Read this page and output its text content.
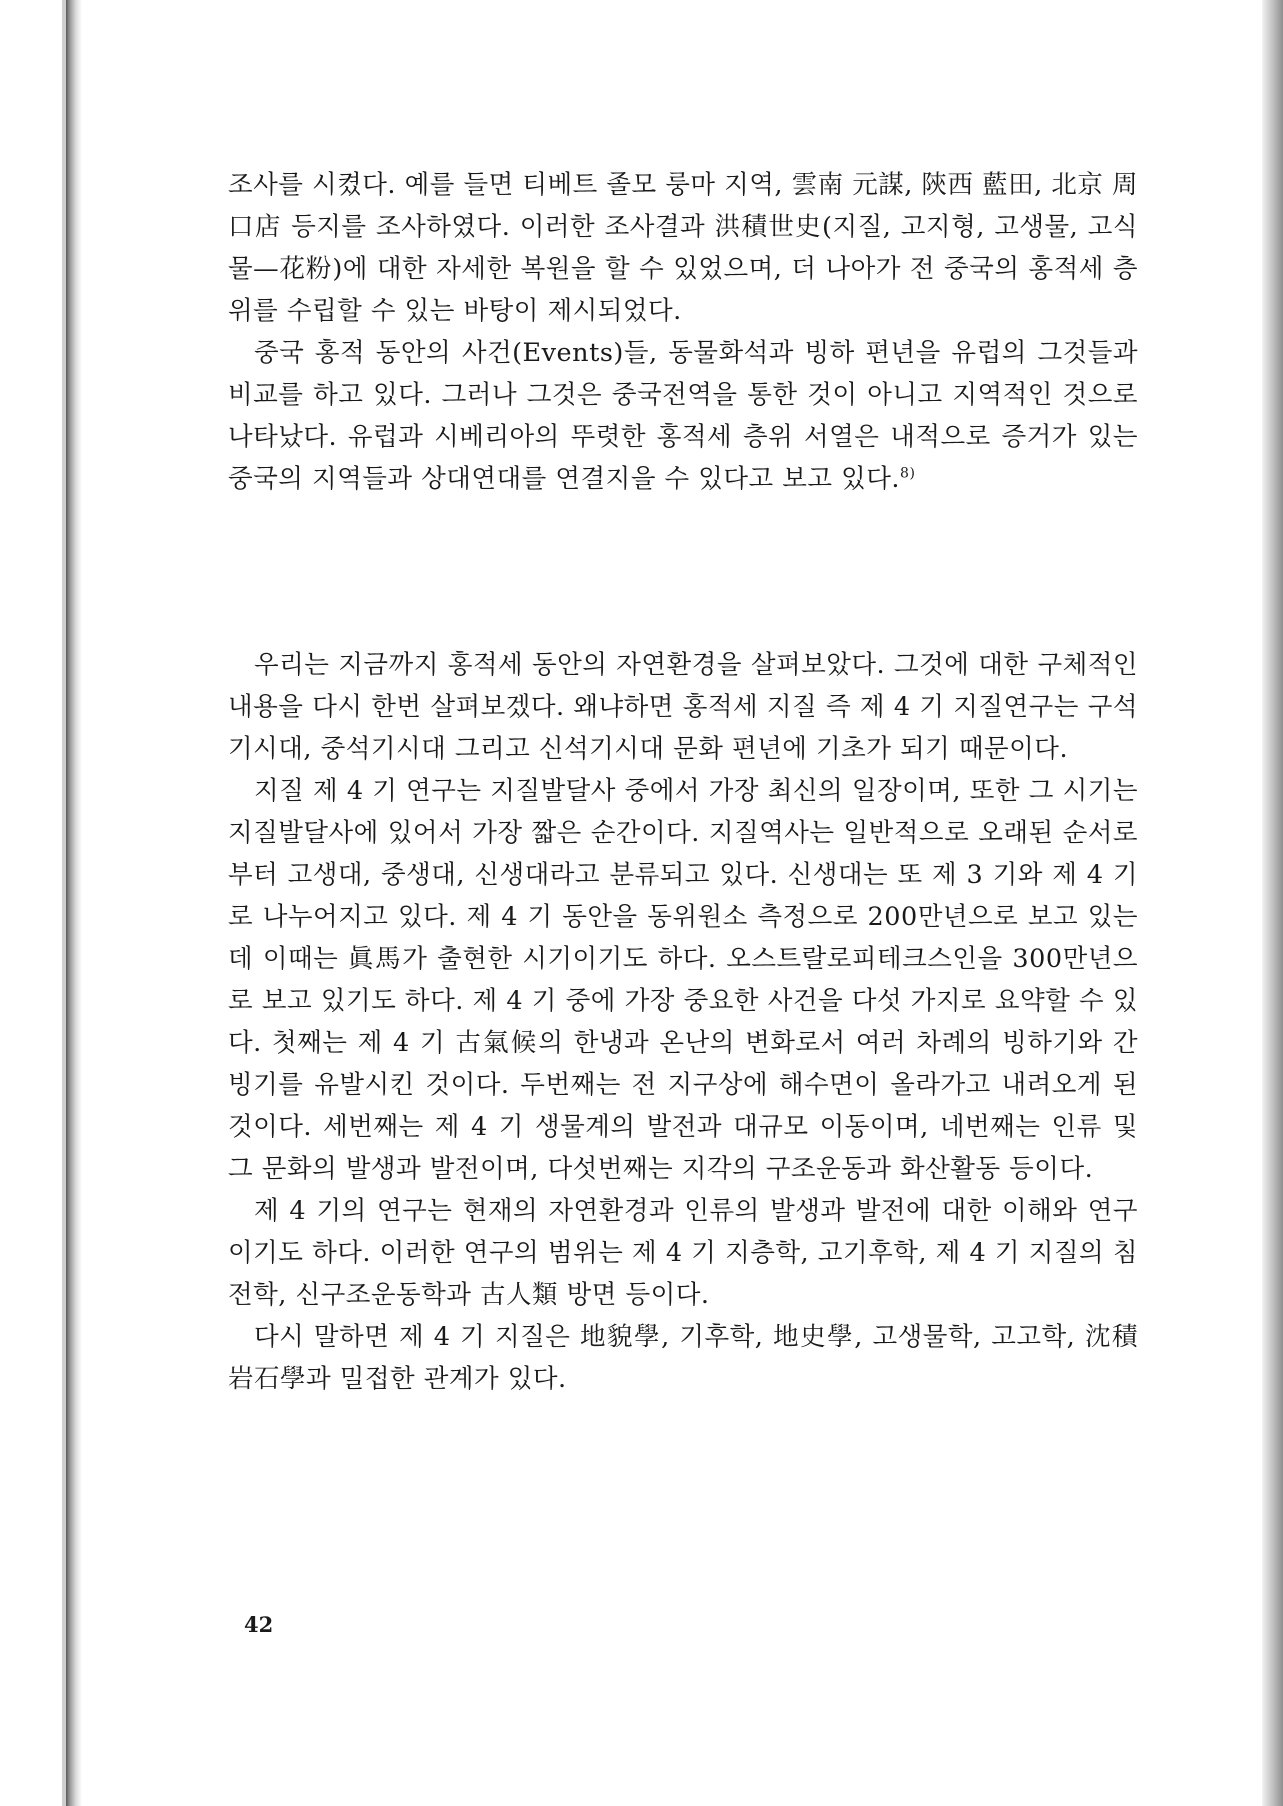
조사를 시켰다. 예를 들면 티베트 졸모 룽마 지역, 雲南 元謀, 陝西 藍田, 北京 周口店 등지를 조사하였다. 이러한 조사결과 洪積世史(지질, 고지형, 고생물, 고식물—花粉)에 대한 자세한 복원을 할 수 있었으며, 더 나아가 전 중국의 홍적세 층위를 수립할 수 있는 바탕이 제시되었다.

중국 홍적 동안의 사건(Events)들, 동물화석과 빙하 편년을 유럽의 그것들과 비교를 하고 있다. 그러나 그것은 중국전역을 통한 것이 아니고 지역적인 것으로 나타났다. 유럽과 시베리아의 뚜렷한 홍적세 층위 서열은 내적으로 증거가 있는 중국의 지역들과 상대연대를 연결지을 수 있다고 보고 있다.$^{8)}$

우리는 지금까지 홍적세 동안의 자연환경을 살펴보았다. 그것에 대한 구체적인 내용을 다시 한번 살펴보겠다. 왜냐하면 홍적세 지질 즉 제 4 기 지질연구는 구석기시대, 중석기시대 그리고 신석기시대 문화 편년에 기초가 되기 때문이다.

지질 제 4 기 연구는 지질발달사 중에서 가장 최신의 일장이며, 또한 그 시기는 지질발달사에 있어서 가장 짧은 순간이다. 지질역사는 일반적으로 오래된 순서로부터 고생대, 중생대, 신생대라고 분류되고 있다. 신생대는 또 제 3 기와 제 4 기로 나누어지고 있다. 제 4 기 동안을 동위원소 측정으로 200만년으로 보고 있는데 이때는 眞馬가 출현한 시기이기도 하다. 오스트랄로피테크스인을 300만년으로 보고 있기도 하다. 제 4 기 중에 가장 중요한 사건을 다섯 가지로 요약할 수 있다. 첫째는 제 4 기 古氣候의 한냉과 온난의 변화로서 여러 차례의 빙하기와 간빙기를 유발시킨 것이다. 두번째는 전 지구상에 해수면이 올라가고 내려오게 된 것이다. 세번째는 제 4 기 생물계의 발전과 대규모 이동이며, 네번째는 인류 및 그 문화의 발생과 발전이며, 다섯번째는 지각의 구조운동과 화산활동 등이다.

제 4 기의 연구는 현재의 자연환경과 인류의 발생과 발전에 대한 이해와 연구이기도 하다. 이러한 연구의 범위는 제 4 기 지층학, 고기후학, 제 4 기 지질의 침전학, 신구조운동학과 古人類 방면 등이다.

다시 말하면 제 4 기 지질은 地貌學, 기후학, 地史學, 고생물학, 고고학, 沈積岩石學과 밀접한 관계가 있다.

42
